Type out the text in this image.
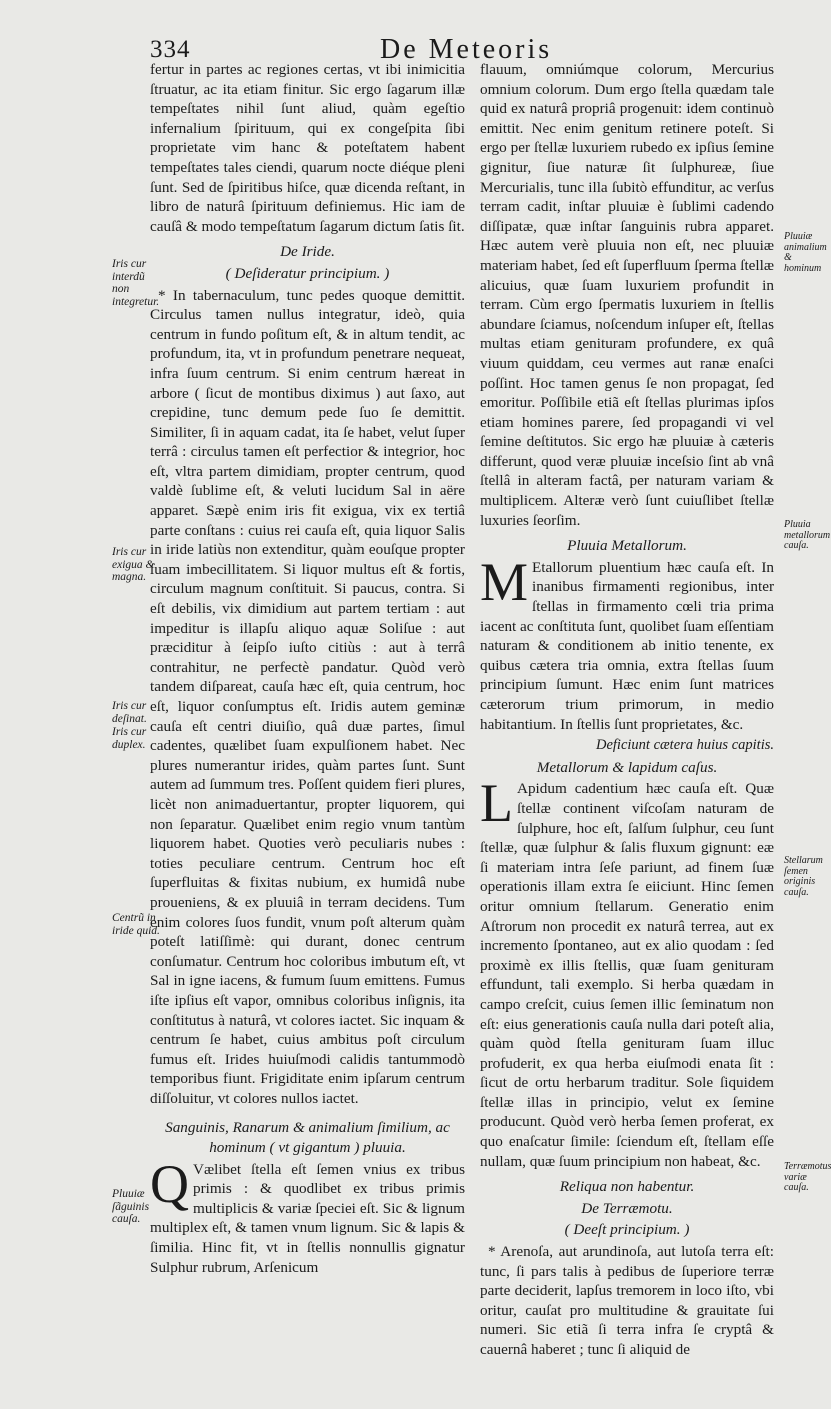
334	De Meteoris
Iris cur interdũ non integretur.
Iris cur exigua & magna.
Iris cur deſinat.
Iris cur duplex.
Centrũ in iride quid.
Pluuiæ ſãguinis cauſa.
Pluuiæ animalium & hominum
Pluuia metallorum cauſa.
Stellarum ſemen originis cauſa.
Terræmotus variæ cauſa.

fertur in partes ac regiones certas, vt ibi inimicitia ſtruatur, ac ita etiam finitur. Sic ergo ſagarum illæ tempeſtates nihil ſunt aliud, quàm egeſtio infernalium ſpirituum, qui ex congeſpita ſibi proprietate vim hanc & poteſtatem habent tempeſtates tales ciendi, quarum nocte diéque pleni ſunt. Sed de ſpiritibus hiſce, quæ dicenda reſtant, in libro de naturâ ſpirituum definiemus. Hic iam de cauſâ & modo tempeſtatum ſagarum dictum ſatis ſit.

De Iride.
( Deſideratur principium. )

* In tabernaculum, tunc pedes quoque demittit. Circulus tamen nullus integratur, ideò, quia centrum in fundo poſitum eſt, & in altum tendit, ac profundum, ita, vt in profundum penetrare nequeat, infra ſuum centrum. Si enim centrum hæreat in arbore ( ſicut de montibus diximus ) aut ſaxo, aut crepidine, tunc demum pede ſuo ſe demittit. Similiter, ſi in aquam cadat, ita ſe habet, velut ſuper terrâ : circulus tamen eſt perfectior & integrior, hoc eſt, vltra partem dimidiam, propter centrum, quod valdè ſublime eſt, & veluti lucidum Sal in aëre apparet. Sæpè enim iris fit exigua, vix ex tertiâ parte conſtans : cuius rei cauſa eſt, quia liquor Salis in iride latiùs non extenditur, quàm eouſque propter ſuam imbecillitatem. Si liquor multus eſt & fortis, circulum magnum conſtituit. Si paucus, contra. Si eſt debilis, vix dimidium aut partem tertiam : aut impeditur is illapſu aliquo aquæ Soliſue : aut præciditur à ſeipſo iuſto citiùs : aut à terrâ contrahitur, ne perfectè pandatur. Quòd verò tandem diſpareat, cauſa hæc eſt, quia centrum, hoc eſt, liquor conſumptus eſt. Iridis autem geminæ cauſa eſt centri diuiſio, quâ duæ partes, ſimul cadentes, quælibet ſuam expulſionem habet. Nec plures numerantur irides, quàm partes ſunt. Sunt autem ad ſummum tres. Poſſent quidem fieri plures, licèt non animaduertantur, propter liquorem, qui non ſeparatur. Quælibet enim regio vnum tantùm liquorem habet. Quoties verò peculiaris nubes : toties peculiare centrum. Centrum hoc eſt ſuperfluitas & fixitas nubium, ex humidâ nube proueniens, & ex pluuiâ in terram decidens. Tum enim colores ſuos fundit, vnum poſt alterum quàm poteſt latiſſimè: qui durant, donec centrum conſumatur. Centrum hoc coloribus imbutum eſt, vt Sal in igne iacens, & fumum ſuum emittens. Fumus iſte ipſius eſt vapor, omnibus coloribus inſignis, ita conſtitutus à naturâ, vt colores iactet. Sic inquam & centrum ſe habet, cuius ambitus poſt circulum fumus eſt. Irides huiuſmodi calidis tantummodò temporibus fiunt. Frigiditate enim ipſarum centrum diſſoluitur, vt colores nullos iactet.

Sanguinis, Ranarum & animalium ſimilium, ac hominum ( vt gigantum ) pluuia.

Q Vælibet ſtella eſt ſemen vnius ex tribus primis : & quodlibet ex tribus primis multiplicis & variæ ſpeciei eſt. Sic & lignum multiplex eſt, & tamen vnum lignum. Sic & lapis & ſimilia. Hinc fit, vt in ſtellis nonnullis gignatur Sulphur rubrum, Arſenicum

flauum, omniúmque colorum, Mercurius omnium colorum. Dum ergo ſtella quædam tale quid ex naturâ propriâ progenuit: idem continuò emittit. Nec enim genitum retinere poteſt. Si ergo per ſtellæ luxuriem rubedo ex ipſius ſemine gignitur, ſiue naturæ ſit ſulphureæ, ſiue Mercurialis, tunc illa ſubitò effunditur, ac verſus terram cadit, inſtar pluuiæ è ſublimi cadendo diſſipatæ, quæ inſtar ſanguinis rubra apparet. Hæc autem verè pluuia non eſt, nec pluuiæ materiam habet, ſed eſt ſuperfluum ſperma ſtellæ alicuius, quæ ſuam luxuriem profundit in terram. Cùm ergo ſpermatis luxuriem in ſtellis abundare ſciamus, noſcendum inſuper eſt, ſtellas multas etiam genituram profundere, ex quâ viuum quiddam, ceu vermes aut ranæ enaſci poſſint. Hoc tamen genus ſe non propagat, ſed emoritur. Poſſibile etiã eſt ſtellas plurimas ipſos etiam homines parere, ſed propagandi vi vel ſemine deſtitutos. Sic ergo hæ pluuiæ à cæteris differunt, quod veræ pluuiæ inceſsio ſint ab vnâ ſtellâ in alteram factâ, per naturam variam & multiplicem. Alteræ verò ſunt cuiuſlibet ſtellæ luxuries ſeorſim.

Pluuia Metallorum.

M Etallorum pluentium hæc cauſa eſt. In inanibus firmamenti regionibus, inter ſtellas in firmamento cœli tria prima iacent ac conſtituta ſunt, quolibet ſuam eſſentiam naturam & conditionem ab initio tenente, ex quibus cætera tria omnia, extra ſtellas ſuum principium ſumunt. Hæc enim ſunt matrices cæterorum trium primorum, in medio habitantium. In ſtellis ſunt proprietates, &c.

Deficiunt cætera huius capitis.
Metallorum & lapidum caſus.

L Apidum cadentium hæc cauſa eſt. Quæ ſtellæ continent viſcoſam naturam de ſulphure, hoc eſt, ſalſum ſulphur, ceu ſunt ſtellæ, quæ ſulphur & ſalis fluxum gignunt: eæ ſi materiam intra ſeſe pariunt, ad finem ſuæ operationis illam extra ſe eiiciunt. Hinc ſemen oritur omnium ſtellarum. Generatio enim Aſtrorum non procedit ex naturâ terrea, aut ex incremento ſpontaneo, aut ex alio quodam : ſed proximè ex illis ſtellis, quæ ſuam genituram effundunt, tali exemplo. Si herba quædam in campo creſcit, cuius ſemen illic ſeminatum non eſt: eius generationis cauſa nulla dari poteſt alia, quàm quòd ſtella genituram ſuam illuc profuderit, ex qua herba eiuſmodi enata ſit : ſicut de ortu herbarum traditur. Sole ſiquidem ſtellæ illas in principio, velut ex ſemine producunt. Quòd verò herba ſemen proferat, ex quo enaſcatur ſimile: ſciendum eſt, ſtellam eſſe nullam, quæ ſuum principium non habeat, &c.

Reliqua non habentur.
De Terræmotu.
( Deeſt principium. )

* Arenoſa, aut arundinoſa, aut lutoſa terra eſt: tunc, ſi pars talis à pedibus de ſuperiore terræ parte deciderit, lapſus tremorem in loco iſto, vbi oritur, cauſat pro multitudine & grauitate ſui numeri. Sic etiã ſi terra infra ſe cryptâ & cauernâ haberet ; tunc ſi aliquid de
